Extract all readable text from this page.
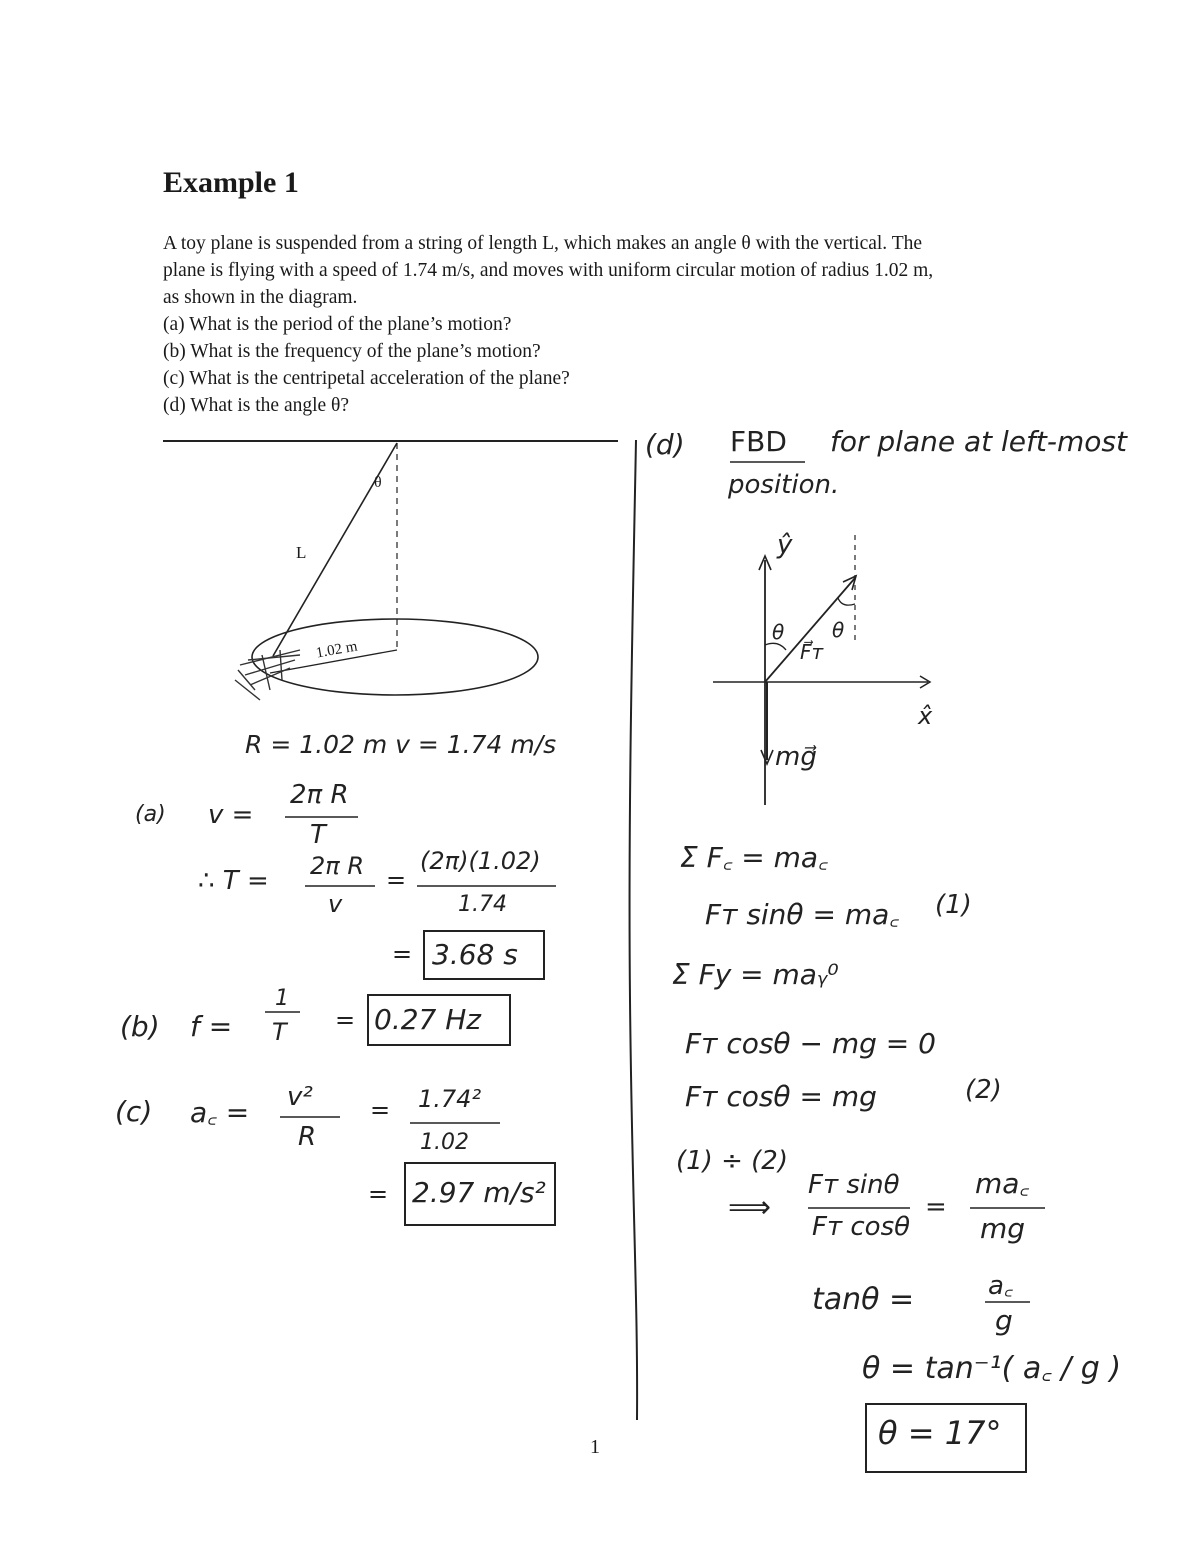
Example 1

A toy plane is suspended from a string of length L, which makes an angle θ with the vertical. The

plane is flying with a speed of 1.74 m/s, and moves with uniform circular motion of radius 1.02 m,

as shown in the diagram.

(a) What is the period of the plane’s motion?
(b) What is the frequency of the plane’s motion?
(c) What is the centripetal acceleration of the plane?
(d) What is the angle θ?
θ
L
1.02 m
R = 1.02 m v = 1.74 m/s
(a) v =
2π R
T
∴ T = 2π R
v
=
(2π)(1.02)
1.74
= 3.68 s
(b) f =
1
T = 0.27 Hz
(c) a꜀ = v²
R
= 1.74²
1.02
= 2.97 m/s²
(d) FBD for plane at left-most
position.
ŷ
x̂
θ θ
F⃗ᴛ
mg⃗
Σ F꜀ = ma꜀
Fᴛ sinθ = ma꜀ (1)
Σ Fy = maᵧ⁰
Fᴛ cosθ − mg = 0
Fᴛ cosθ = mg	(2)
(1) ÷ (2)
⟹
Fᴛ sinθ
Fᴛ cosθ
=
ma꜀
mg
tanθ =	a꜀
g
θ = tan⁻¹( a꜀ / g )
θ = 17°
1
